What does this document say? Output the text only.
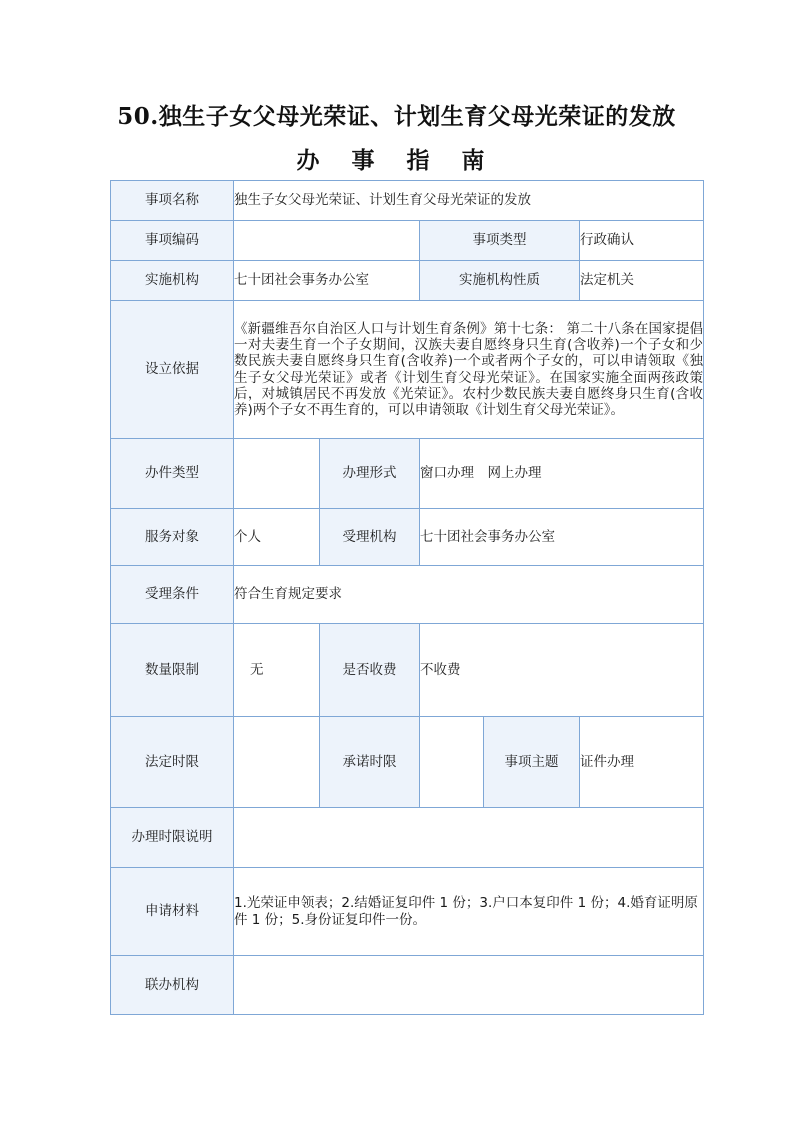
50.独生子女父母光荣证、计划生育父母光荣证的发放
办 事 指 南
事项名称	独生子女父母光荣证、计划生育父母光荣证的发放				
事项编码			事项类型		行政确认
实施机构	七十团社会事务办公室		实施机构性质		法定机关
设立依据	《新疆维吾尔自治区人口与计划生育条例》第十七条： 第二十八条在国家提倡一对夫妻生育一个子女期间，汉族夫妻自愿终身只生育(含收养)一个子女和少数民族夫妻自愿终身只生育(含收养)一个或者两个子女的，可以申请领取《独生子女父母光荣证》或者《计划生育父母光荣证》。在国家实施全面两孩政策后，对城镇居民不再发放《光荣证》。农村少数民族夫妻自愿终身只生育(含收养)两个子女不再生育的，可以申请领取《计划生育父母光荣证》。				
办件类型		办理形式	窗口办理　网上办理		
服务对象	个人	受理机构	七十团社会事务办公室		
受理条件	符合生育规定要求				
数量限制	无	是否收费	不收费		
法定时限		承诺时限		事项主题	证件办理
办理时限说明					
申请材料	1.光荣证申领表；2.结婚证复印件 1 份；3.户口本复印件 1 份；4.婚育证明原件 1 份；5.身份证复印件一份。				
联办机构					
